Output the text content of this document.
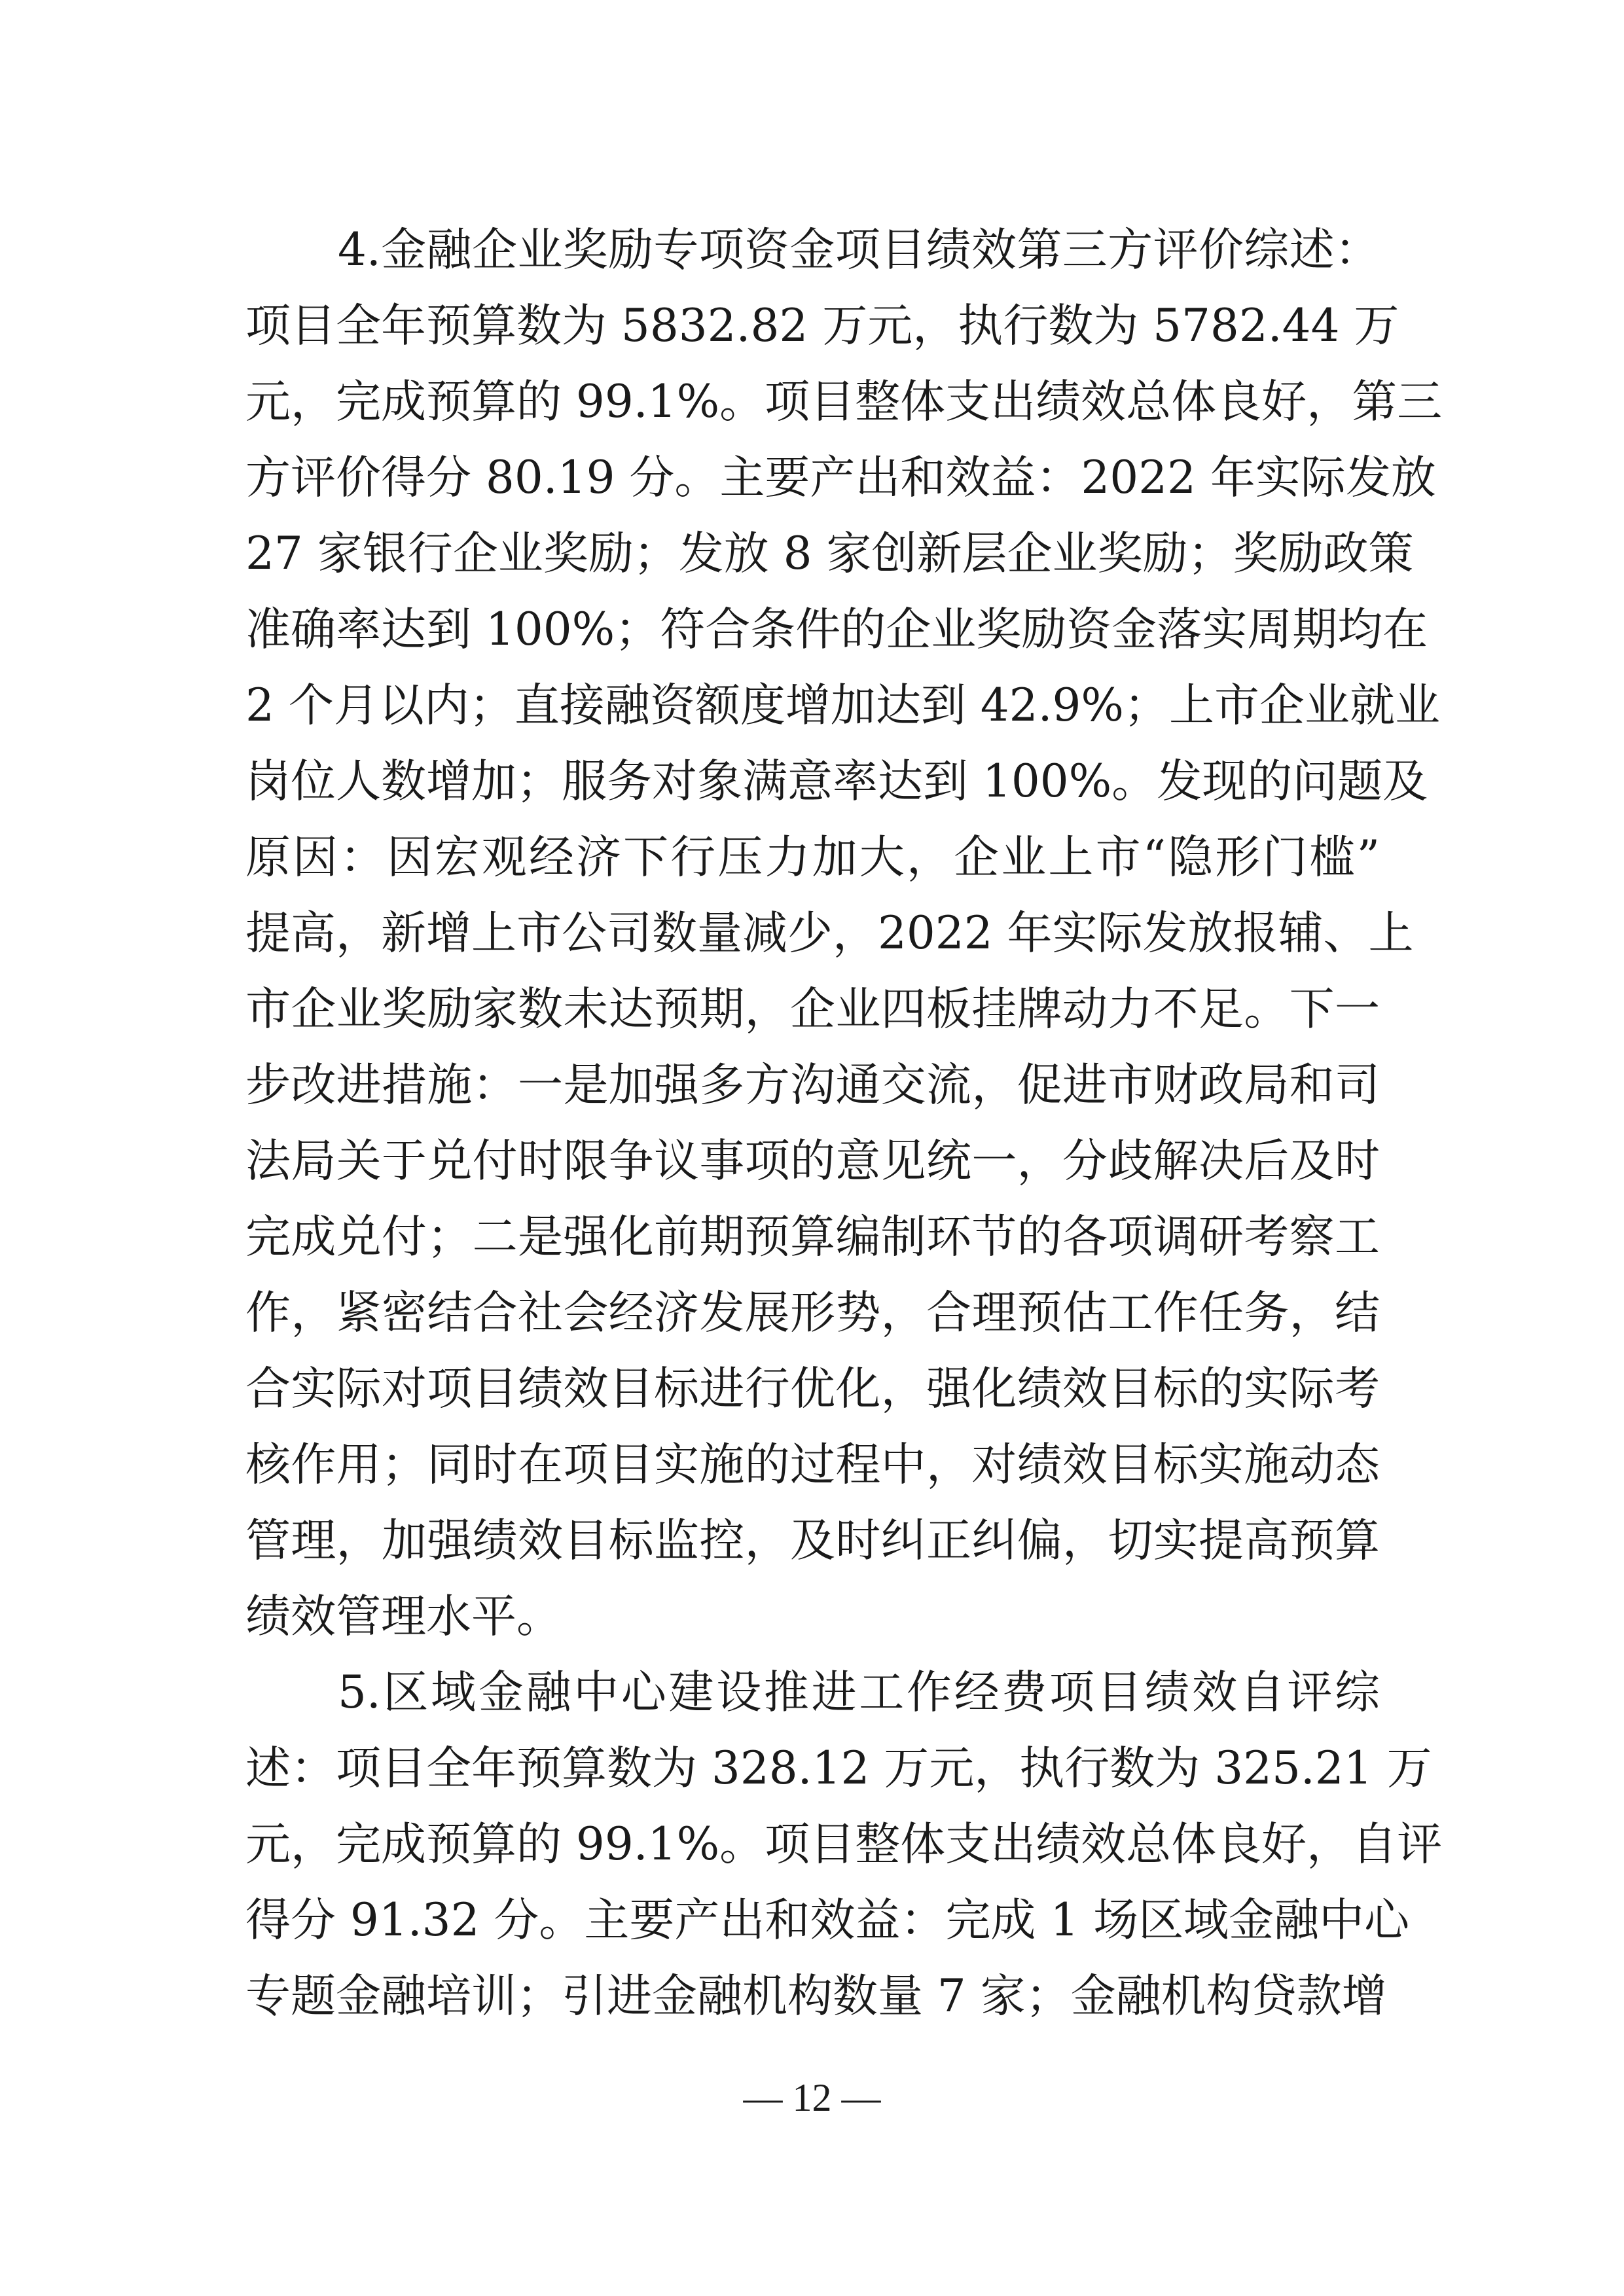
4.金融企业奖励专项资金项目绩效第三方评价综述：
项目全年预算数为 5832.82 万元，执行数为 5782.44 万
元，完成预算的 99.1%。项目整体支出绩效总体良好，第三
方评价得分 80.19 分。主要产出和效益：2022 年实际发放
27 家银行企业奖励；发放 8 家创新层企业奖励；奖励政策
准确率达到 100%；符合条件的企业奖励资金落实周期均在
2 个月以内；直接融资额度增加达到 42.9%；上市企业就业
岗位人数增加；服务对象满意率达到 100%。发现的问题及
原因：因宏观经济下行压力加大，企业上市“隐形门槛”
提高，新增上市公司数量减少，2022 年实际发放报辅、上
市企业奖励家数未达预期，企业四板挂牌动力不足。下一
步改进措施：一是加强多方沟通交流，促进市财政局和司
法局关于兑付时限争议事项的意见统一，分歧解决后及时
完成兑付；二是强化前期预算编制环节的各项调研考察工
作，紧密结合社会经济发展形势，合理预估工作任务，结
合实际对项目绩效目标进行优化，强化绩效目标的实际考
核作用；同时在项目实施的过程中，对绩效目标实施动态
管理，加强绩效目标监控，及时纠正纠偏，切实提高预算
绩效管理水平。
5.区域金融中心建设推进工作经费项目绩效自评综
述：项目全年预算数为 328.12 万元，执行数为 325.21 万
元，完成预算的 99.1%。项目整体支出绩效总体良好，自评
得分 91.32 分。主要产出和效益：完成 1 场区域金融中心
专题金融培训；引进金融机构数量 7 家；金融机构贷款增
— 12 —
